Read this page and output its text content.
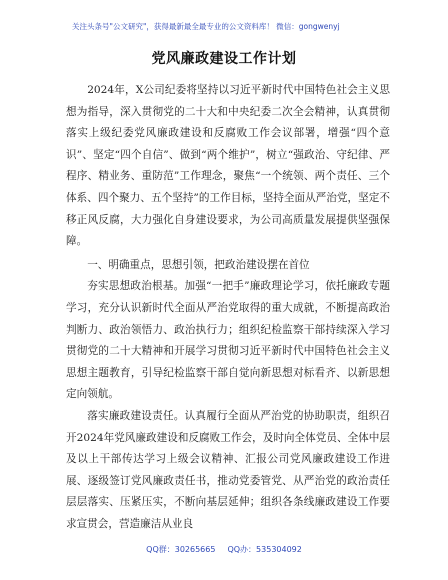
关注头条号"公文研究"，获得最新最全最专业的公文资料库！ 微信：gongwenyj
党风廉政建设工作计划

2024年，X公司纪委将坚持以习近平新时代中国特色社会主义思想为指导，深入贯彻党的二十大和中央纪委二次全会精神，认真贯彻落实上级纪委党风廉政建设和反腐败工作会议部署，增强“四个意识”、坚定“四个自信”、做到“两个维护”，树立“强政治、守纪律、严程序、精业务、重防范”工作理念，聚焦“一个统领、两个责任、三个体系、四个聚力、五个坚持”的工作目标，坚持全面从严治党，坚定不移正风反腐，大力强化自身建设要求，为公司高质量发展提供坚强保障。

一、明确重点，思想引领，把政治建设摆在首位

夯实思想政治根基。加强“一把手”廉政理论学习，依托廉政专题学习，充分认识新时代全面从严治党取得的重大成就，不断提高政治判断力、政治领悟力、政治执行力；组织纪检监察干部持续深入学习贯彻党的二十大精神和开展学习贯彻习近平新时代中国特色社会主义思想主题教育，引导纪检监察干部自觉向新思想对标看齐、以新思想定向领航。

落实廉政建设责任。认真履行全面从严治党的协助职责，组织召开2024年党风廉政建设和反腐败工作会，及时向全体党员、全体中层及以上干部传达学习上级会议精神、汇报公司党风廉政建设工作进展、逐级签订党风廉政责任书，推动党委管党、从严治党的政治责任层层落实、压紧压实，不断向基层延伸；组织各条线廉政建设工作要求宣贯会，营造廉洁从业良

QQ群：30265665 QQ办：535304092
